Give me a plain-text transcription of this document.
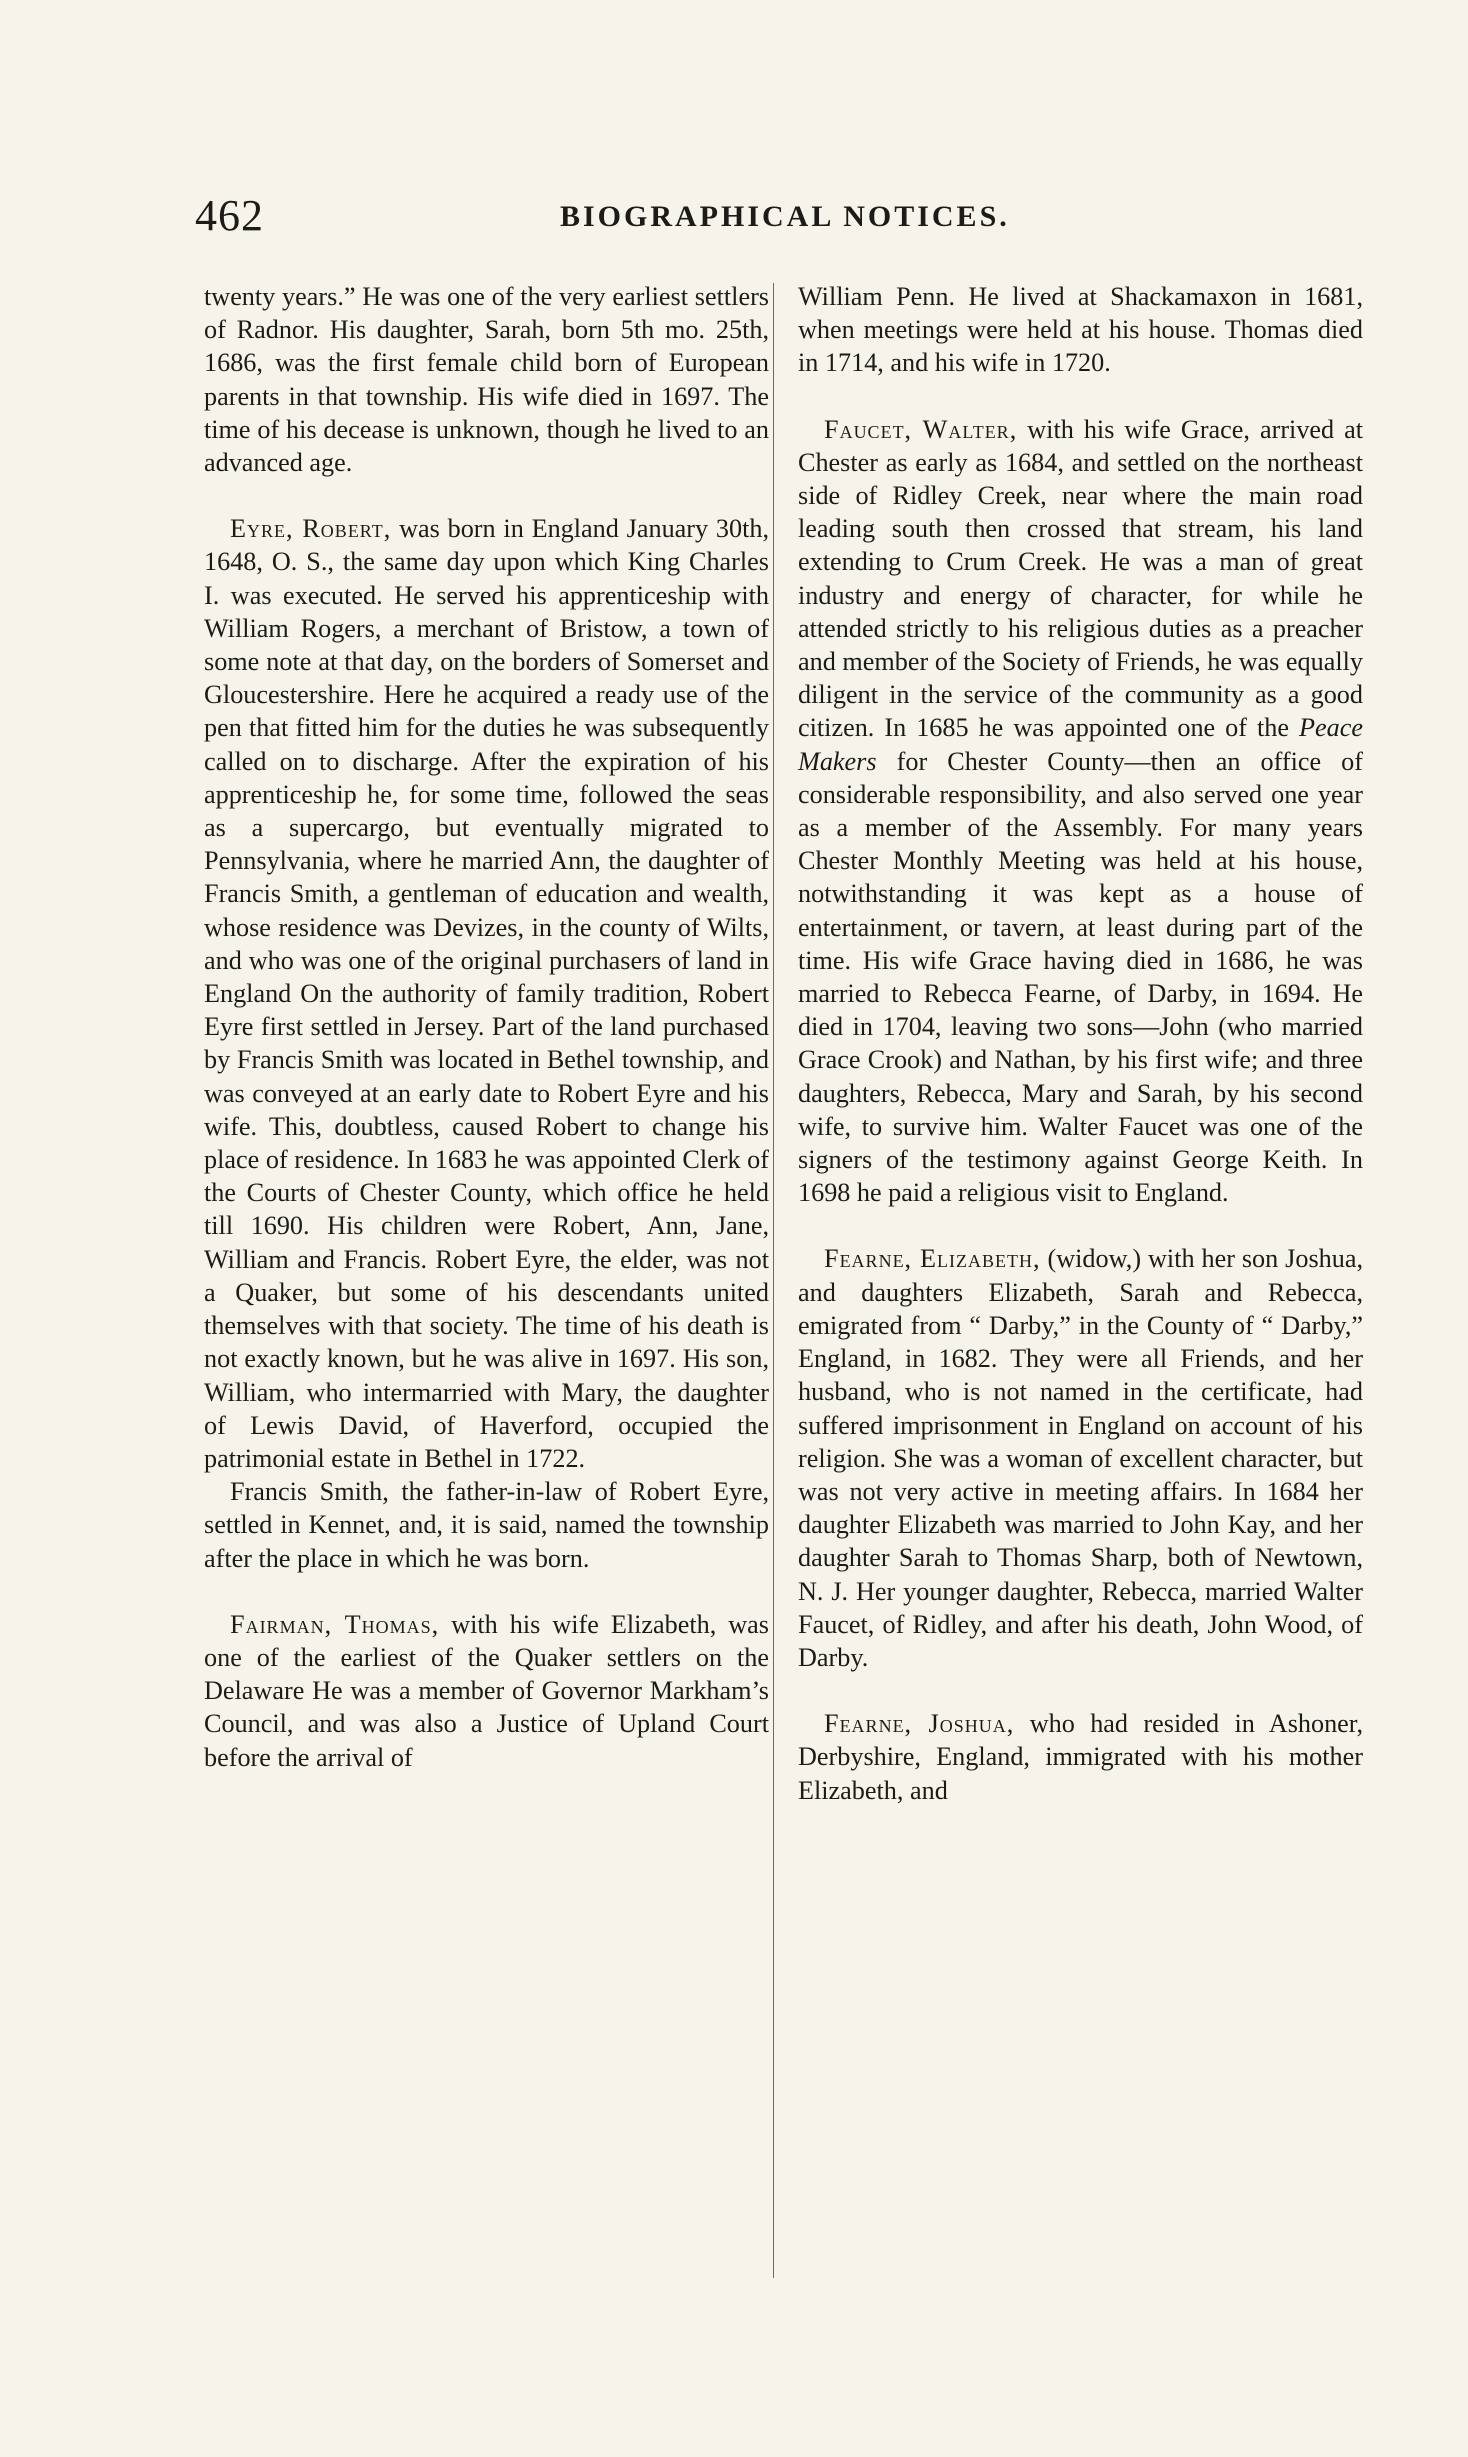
462	BIOGRAPHICAL NOTICES.

twenty years.” He was one of the very earliest settlers of Radnor. His daughter, Sarah, born 5th mo. 25th, 1686, was the first female child born of European parents in that township. His wife died in 1697. The time of his decease is unknown, though he lived to an advanced age.

Eyre, Robert, was born in England January 30th, 1648, O. S., the same day upon which King Charles I. was executed. He served his apprenticeship with William Rogers, a merchant of Bristow, a town of some note at that day, on the borders of Somerset and Gloucestershire. Here he acquired a ready use of the pen that fitted him for the duties he was subsequently called on to discharge. After the expiration of his apprenticeship he, for some time, followed the seas as a supercargo, but eventually migrated to Pennsylvania, where he married Ann, the daughter of Francis Smith, a gentleman of education and wealth, whose residence was Devizes, in the county of Wilts, and who was one of the original purchasers of land in England On the authority of family tradition, Robert Eyre first settled in Jersey. Part of the land purchased by Francis Smith was located in Bethel township, and was conveyed at an early date to Robert Eyre and his wife. This, doubtless, caused Robert to change his place of residence. In 1683 he was appointed Clerk of the Courts of Chester County, which office he held till 1690. His children were Robert, Ann, Jane, William and Francis. Robert Eyre, the elder, was not a Quaker, but some of his descendants united themselves with that society. The time of his death is not exactly known, but he was alive in 1697. His son, William, who intermarried with Mary, the daughter of Lewis David, of Haverford, occupied the patrimonial estate in Bethel in 1722.

Francis Smith, the father-in-law of Robert Eyre, settled in Kennet, and, it is said, named the township after the place in which he was born.

Fairman, Thomas, with his wife Elizabeth, was one of the earliest of the Quaker settlers on the Delaware He was a member of Governor Markham’s Council, and was also a Justice of Upland Court before the arrival of

William Penn. He lived at Shackamaxon in 1681, when meetings were held at his house. Thomas died in 1714, and his wife in 1720.

Faucet, Walter, with his wife Grace, arrived at Chester as early as 1684, and settled on the northeast side of Ridley Creek, near where the main road leading south then crossed that stream, his land extending to Crum Creek. He was a man of great industry and energy of character, for while he attended strictly to his religious duties as a preacher and member of the Society of Friends, he was equally diligent in the service of the community as a good citizen. In 1685 he was appointed one of the Peace Makers for Chester County—then an office of considerable responsibility, and also served one year as a member of the Assembly. For many years Chester Monthly Meeting was held at his house, notwithstanding it was kept as a house of entertainment, or tavern, at least during part of the time. His wife Grace having died in 1686, he was married to Rebecca Fearne, of Darby, in 1694. He died in 1704, leaving two sons—John (who married Grace Crook) and Nathan, by his first wife; and three daughters, Rebecca, Mary and Sarah, by his second wife, to survive him. Walter Faucet was one of the signers of the testimony against George Keith. In 1698 he paid a religious visit to England.

Fearne, Elizabeth, (widow,) with her son Joshua, and daughters Elizabeth, Sarah and Rebecca, emigrated from “ Darby,” in the County of “ Darby,” England, in 1682. They were all Friends, and her husband, who is not named in the certificate, had suffered imprisonment in England on account of his religion. She was a woman of excellent character, but was not very active in meeting affairs. In 1684 her daughter Elizabeth was married to John Kay, and her daughter Sarah to Thomas Sharp, both of Newtown, N. J. Her younger daughter, Rebecca, married Walter Faucet, of Ridley, and after his death, John Wood, of Darby.

Fearne, Joshua, who had resided in Ashoner, Derbyshire, England, immigrated with his mother Elizabeth, and
